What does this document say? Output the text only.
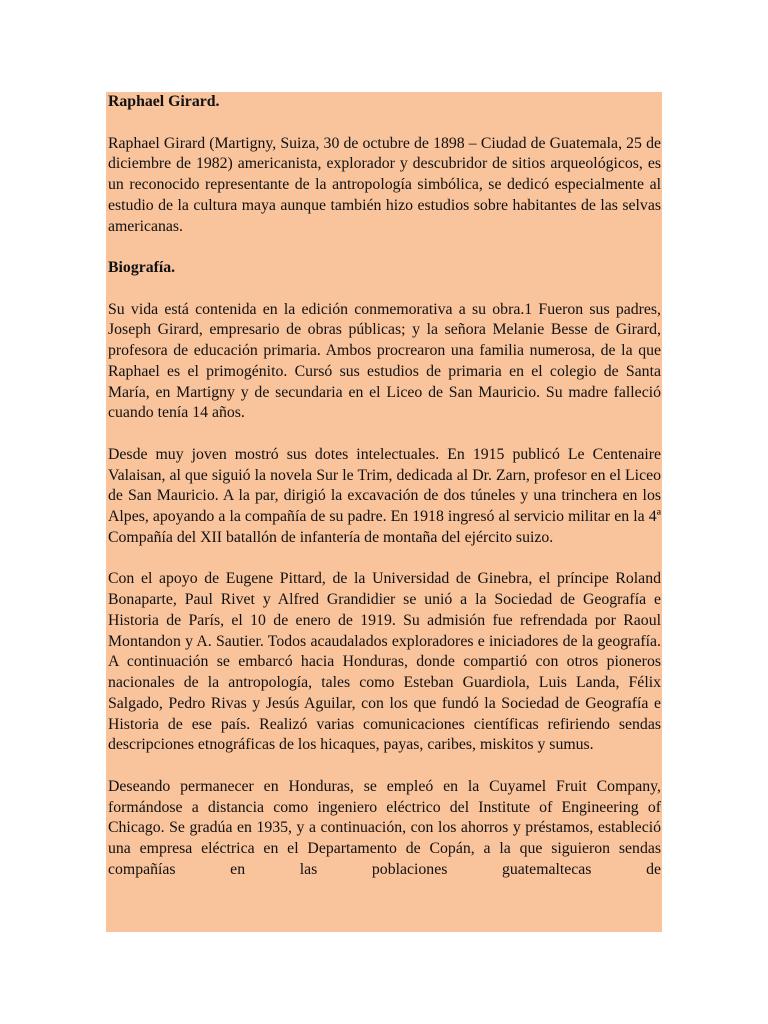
Raphael Girard.

Raphael Girard (Martigny, Suiza, 30 de octubre de 1898 – Ciudad de Guatemala, 25 de diciembre de 1982) americanista, explorador y descubridor de sitios arqueológicos, es un reconocido representante de la antropología simbólica, se dedicó especialmente al estudio de la cultura maya aunque también hizo estudios sobre habitantes de las selvas americanas.

Biografía.

Su vida está contenida en la edición conmemorativa a su obra.1 Fueron sus padres, Joseph Girard, empresario de obras públicas; y la señora Melanie Besse de Girard, profesora de educación primaria. Ambos procrearon una familia numerosa, de la que Raphael es el primogénito. Cursó sus estudios de primaria en el colegio de Santa María, en Martigny y de secundaria en el Liceo de San Mauricio. Su madre falleció cuando tenía 14 años.

Desde muy joven mostró sus dotes intelectuales. En 1915 publicó Le Centenaire Valaisan, al que siguió la novela Sur le Trim, dedicada al Dr. Zarn, profesor en el Liceo de San Mauricio. A la par, dirigió la excavación de dos túneles y una trinchera en los Alpes, apoyando a la compañía de su padre. En 1918 ingresó al servicio militar en la 4ª Compañía del XII batallón de infantería de montaña del ejército suizo.

Con el apoyo de Eugene Pittard, de la Universidad de Ginebra, el príncipe Roland Bonaparte, Paul Rivet y Alfred Grandidier se unió a la Sociedad de Geografía e Historia de París, el 10 de enero de 1919. Su admisión fue refrendada por Raoul Montandon y A. Sautier. Todos acaudalados exploradores e iniciadores de la geografía. A continuación se embarcó hacia Honduras, donde compartió con otros pioneros nacionales de la antropología, tales como Esteban Guardiola, Luis Landa, Félix Salgado, Pedro Rivas y Jesús Aguilar, con los que fundó la Sociedad de Geografía e Historia de ese país. Realizó varias comunicaciones científicas refiriendo sendas descripciones etnográficas de los hicaques, payas, caribes, miskitos y sumus.

Deseando permanecer en Honduras, se empleó en la Cuyamel Fruit Company, formándose a distancia como ingeniero eléctrico del Institute of Engineering of Chicago. Se gradúa en 1935, y a continuación, con los ahorros y préstamos, estableció una empresa eléctrica en el Departamento de Copán, a la que siguieron sendas compañías en las poblaciones guatemaltecas de
